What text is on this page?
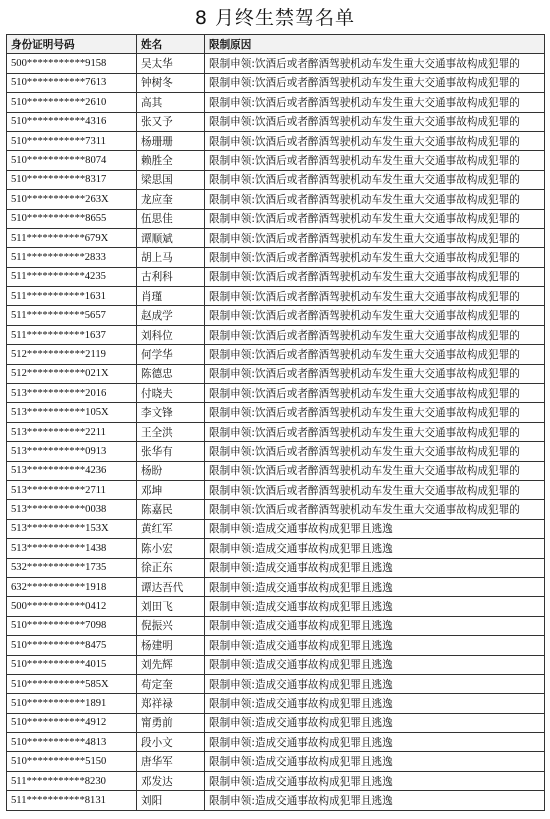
8 月终生禁驾名单
身份证明号码	姓名	限制原因
500***********9158	吴太华	限制申领:饮酒后或者醉酒驾驶机动车发生重大交通事故构成犯罪的
510***********7613	钟树冬	限制申领:饮酒后或者醉酒驾驶机动车发生重大交通事故构成犯罪的
510***********2610	高其	限制申领:饮酒后或者醉酒驾驶机动车发生重大交通事故构成犯罪的
510***********4316	张又予	限制申领:饮酒后或者醉酒驾驶机动车发生重大交通事故构成犯罪的
510***********7311	杨珊珊	限制申领:饮酒后或者醉酒驾驶机动车发生重大交通事故构成犯罪的
510***********8074	赖胜全	限制申领:饮酒后或者醉酒驾驶机动车发生重大交通事故构成犯罪的
510***********8317	梁思国	限制申领:饮酒后或者醉酒驾驶机动车发生重大交通事故构成犯罪的
510***********263X	龙应奎	限制申领:饮酒后或者醉酒驾驶机动车发生重大交通事故构成犯罪的
510***********8655	伍思佳	限制申领:饮酒后或者醉酒驾驶机动车发生重大交通事故构成犯罪的
511***********679X	谭顺斌	限制申领:饮酒后或者醉酒驾驶机动车发生重大交通事故构成犯罪的
511***********2833	胡上马	限制申领:饮酒后或者醉酒驾驶机动车发生重大交通事故构成犯罪的
511***********4235	古利科	限制申领:饮酒后或者醉酒驾驶机动车发生重大交通事故构成犯罪的
511***********1631	肖瑾	限制申领:饮酒后或者醉酒驾驶机动车发生重大交通事故构成犯罪的
511***********5657	赵成学	限制申领:饮酒后或者醉酒驾驶机动车发生重大交通事故构成犯罪的
511***********1637	刘科位	限制申领:饮酒后或者醉酒驾驶机动车发生重大交通事故构成犯罪的
512***********2119	何学华	限制申领:饮酒后或者醉酒驾驶机动车发生重大交通事故构成犯罪的
512***********021X	陈德忠	限制申领:饮酒后或者醉酒驾驶机动车发生重大交通事故构成犯罪的
513***********2016	付晓夫	限制申领:饮酒后或者醉酒驾驶机动车发生重大交通事故构成犯罪的
513***********105X	李文锋	限制申领:饮酒后或者醉酒驾驶机动车发生重大交通事故构成犯罪的
513***********2211	王全洪	限制申领:饮酒后或者醉酒驾驶机动车发生重大交通事故构成犯罪的
513***********0913	张华有	限制申领:饮酒后或者醉酒驾驶机动车发生重大交通事故构成犯罪的
513***********4236	杨盼	限制申领:饮酒后或者醉酒驾驶机动车发生重大交通事故构成犯罪的
513***********2711	邓坤	限制申领:饮酒后或者醉酒驾驶机动车发生重大交通事故构成犯罪的
513***********0038	陈嘉民	限制申领:饮酒后或者醉酒驾驶机动车发生重大交通事故构成犯罪的
513***********153X	黄红军	限制申领:造成交通事故构成犯罪且逃逸
513***********1438	陈小宏	限制申领:造成交通事故构成犯罪且逃逸
532***********1735	徐正东	限制申领:造成交通事故构成犯罪且逃逸
632***********1918	谭达吾代	限制申领:造成交通事故构成犯罪且逃逸
500***********0412	刘田飞	限制申领:造成交通事故构成犯罪且逃逸
510***********7098	倪振兴	限制申领:造成交通事故构成犯罪且逃逸
510***********8475	杨建明	限制申领:造成交通事故构成犯罪且逃逸
510***********4015	刘先辉	限制申领:造成交通事故构成犯罪且逃逸
510***********585X	苟定奎	限制申领:造成交通事故构成犯罪且逃逸
510***********1891	郑祥禄	限制申领:造成交通事故构成犯罪且逃逸
510***********4912	甯勇前	限制申领:造成交通事故构成犯罪且逃逸
510***********4813	段小文	限制申领:造成交通事故构成犯罪且逃逸
510***********5150	唐华军	限制申领:造成交通事故构成犯罪且逃逸
511***********8230	邓发达	限制申领:造成交通事故构成犯罪且逃逸
511***********8131	刘阳	限制申领:造成交通事故构成犯罪且逃逸
